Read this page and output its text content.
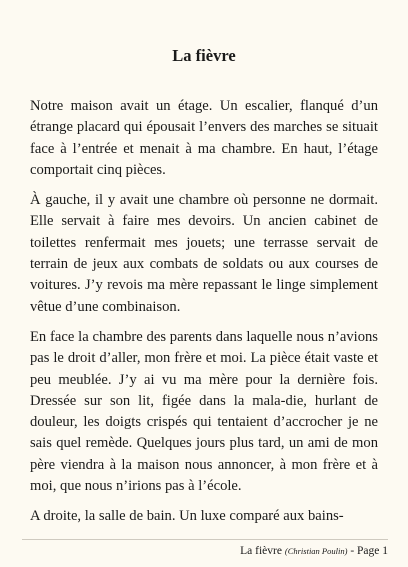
La fièvre

Notre maison avait un étage. Un escalier, flanqué d’un étrange placard qui épousait l’envers des marches se situait face à l’entrée et menait à ma chambre. En haut, l’étage comportait cinq pièces.

À gauche, il y avait une chambre où personne ne dormait. Elle servait à faire mes devoirs. Un ancien cabinet de toilettes renfermait mes jouets; une terrasse servait de terrain de jeux aux combats de soldats ou aux courses de voitures. J’y revois ma mère repassant le linge simplement vêtue d’une combinaison.

En face la chambre des parents dans laquelle nous n’avions pas le droit d’aller, mon frère et moi. La pièce était vaste et peu meublée. J’y ai vu ma mère pour la dernière fois. Dressée sur son lit, figée dans la mala-die, hurlant de douleur, les doigts crispés qui tentaient d’accrocher je ne sais quel remède. Quelques jours plus tard, un ami de mon père viendra à la maison nous annoncer, à mon frère et à moi, que nous n’irions pas à l’école.

A droite, la salle de bain. Un luxe comparé aux bains-

La fièvre (Christian Poulin) - Page 1
